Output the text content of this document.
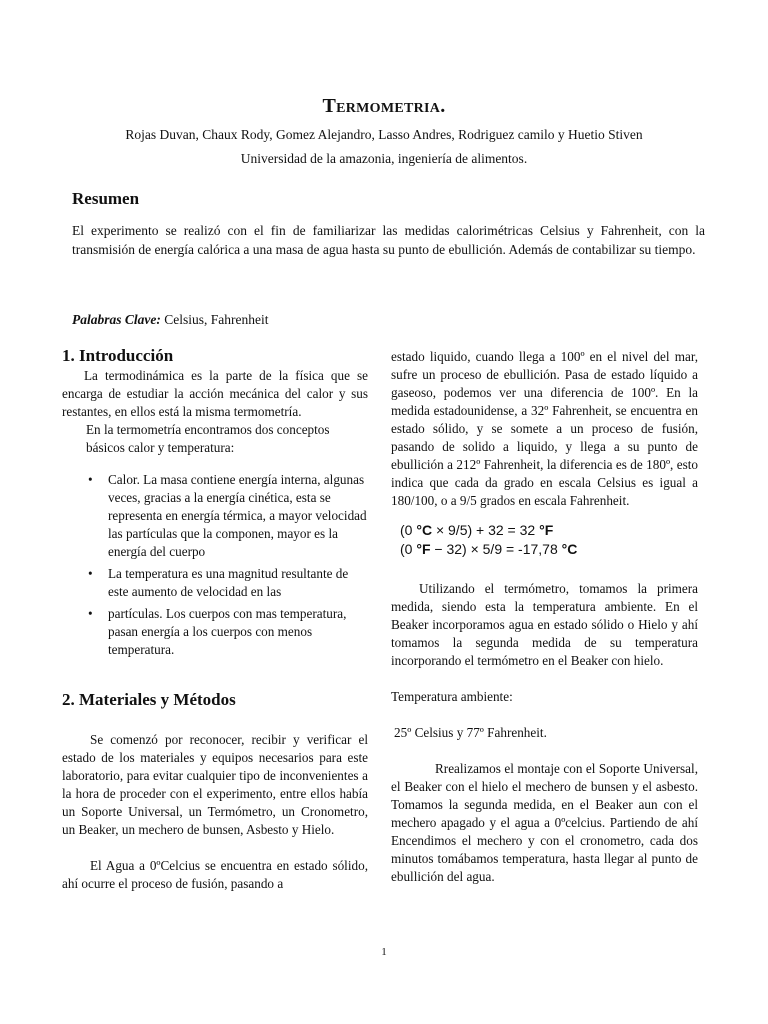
Termometria.
Rojas Duvan, Chaux Rody, Gomez Alejandro, Lasso Andres, Rodriguez camilo y Huetio Stiven
Universidad de la amazonia, ingeniería de alimentos.
Resumen

El experimento se realizó con el fin de familiarizar las medidas calorimétricas Celsius y Fahrenheit, con la transmisión de energía calórica a una masa de agua hasta su punto de ebullición. Además de contabilizar su tiempo.

Palabras Clave: Celsius, Fahrenheit
1. Introducción

La termodinámica es la parte de la física que se encarga de estudiar la acción mecánica del calor y sus restantes, en ellos está la misma termometría.

En la termometría encontramos dos conceptos básicos calor y temperatura:

• Calor. La masa contiene energía interna, algunas veces, gracias a la energía cinética, esta se representa en energía térmica, a mayor velocidad las partículas que la componen, mayor es la energía del cuerpo
• La temperatura es una magnitud resultante de este aumento de velocidad en las
• partículas. Los cuerpos con mas temperatura, pasan energía a los cuerpos con menos temperatura.
2. Materiales y Métodos

Se comenzó por reconocer, recibir y verificar el estado de los materiales y equipos necesarios para este laboratorio, para evitar cualquier tipo de inconvenientes a la hora de proceder con el experimento, entre ellos había un Soporte Universal, un Termómetro, un Cronometro, un Beaker, un mechero de bunsen, Asbesto y Hielo.

El Agua a 0ºCelcius se encuentra en estado sólido, ahí ocurre el proceso de fusión, pasando a

estado liquido, cuando llega a 100º en el nivel del mar, sufre un proceso de ebullición. Pasa de estado líquido a gaseoso, podemos ver una diferencia de 100º. En la medida estadounidense, a 32º Fahrenheit, se encuentra en estado sólido, y se somete a un proceso de fusión, pasando de solido a liquido, y llega a su punto de ebullición a 212º Fahrenheit, la diferencia es de 180º, esto indica que cada da grado en escala Celsius es igual a 180/100, o a 9/5 grados en escala Fahrenheit.

(0 °C × 9/5) + 32 = 32 °F
(0 °F − 32) × 5/9 = -17,78 °C

Utilizando el termómetro, tomamos la primera medida, siendo esta la temperatura ambiente. En el Beaker incorporamos agua en estado sólido o Hielo y ahí tomamos la segunda medida de su temperatura incorporando el termómetro en el Beaker con hielo.

Temperatura ambiente:

25º Celsius y 77º Fahrenheit.

Rrealizamos el montaje con el Soporte Universal, el Beaker con el hielo el mechero de bunsen y el asbesto. Tomamos la segunda medida, en el Beaker aun con el mechero apagado y el agua a 0ºcelcius. Partiendo de ahí Encendimos el mechero y con el cronometro, cada dos minutos tomábamos temperatura, hasta llegar al punto de ebullición del agua.

1
